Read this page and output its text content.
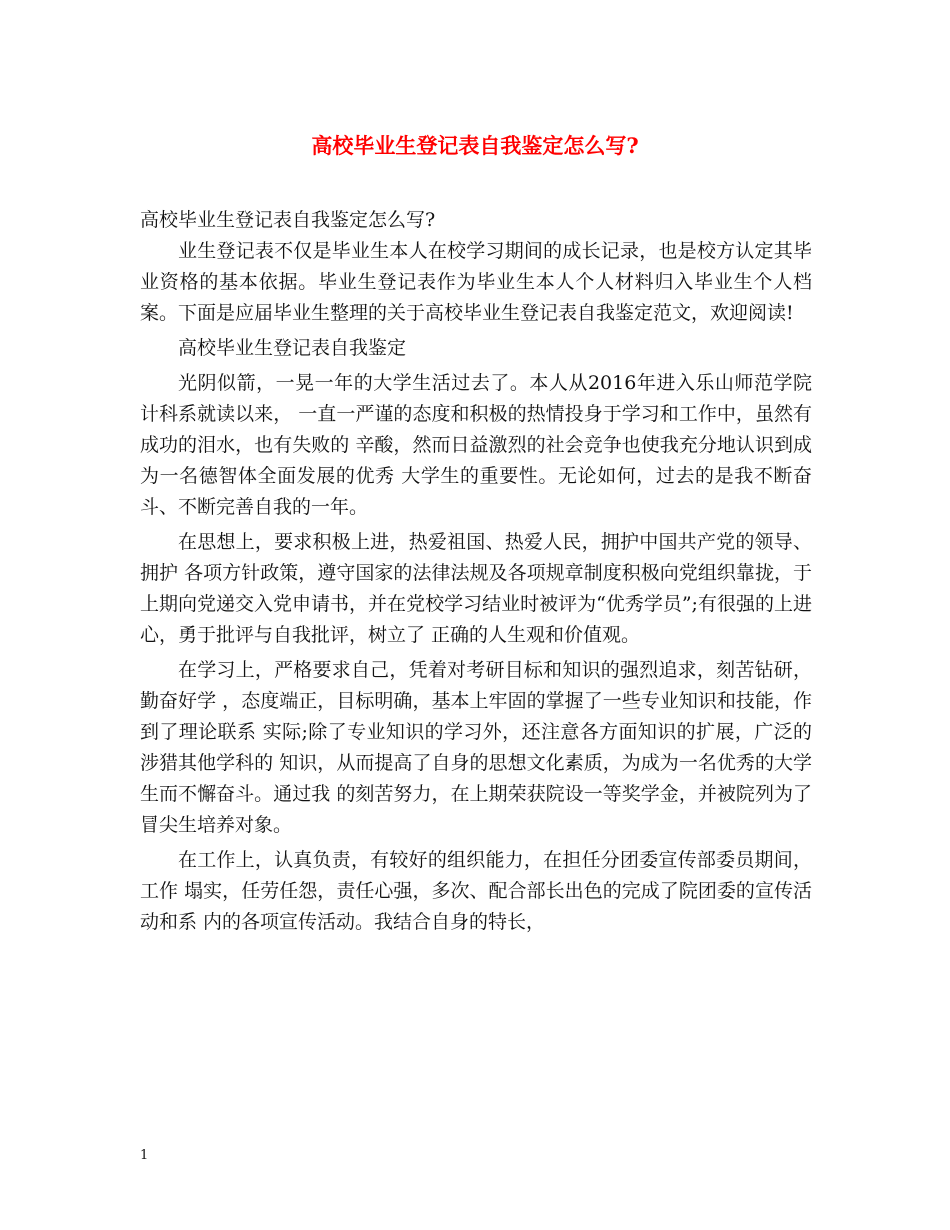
高校毕业生登记表自我鉴定怎么写?

高校毕业生登记表自我鉴定怎么写?

业生登记表不仅是毕业生本人在校学习期间的成长记录，也是校方认定其毕业资格的基本依据。毕业生登记表作为毕业生本人个人材料归入毕业生个人档案。下面是应届毕业生整理的关于高校毕业生登记表自我鉴定范文，欢迎阅读!

高校毕业生登记表自我鉴定

光阴似箭，一晃一年的大学生活过去了。本人从2016年进入乐山师范学院计科系就读以来， 一直一严谨的态度和积极的热情投身于学习和工作中，虽然有成功的泪水，也有失败的 辛酸，然而日益激烈的社会竞争也使我充分地认识到成为一名德智体全面发展的优秀 大学生的重要性。无论如何，过去的是我不断奋斗、不断完善自我的一年。

在思想上，要求积极上进，热爱祖国、热爱人民，拥护中国共产党的领导、拥护 各项方针政策，遵守国家的法律法规及各项规章制度积极向党组织靠拢，于上期向党递交入党申请书，并在党校学习结业时被评为“优秀学员”;有很强的上进心，勇于批评与自我批评，树立了 正确的人生观和价值观。

在学习上，严格要求自己，凭着对考研目标和知识的强烈追求，刻苦钻研，勤奋好学 ，态度端正，目标明确，基本上牢固的掌握了一些专业知识和技能，作到了理论联系 实际;除了专业知识的学习外，还注意各方面知识的扩展，广泛的涉猎其他学科的 知识，从而提高了自身的思想文化素质，为成为一名优秀的大学生而不懈奋斗。通过我 的刻苦努力，在上期荣获院设一等奖学金，并被院列为了冒尖生培养对象。

在工作上，认真负责，有较好的组织能力，在担任分团委宣传部委员期间，工作 塌实，任劳任怨，责任心强，多次、配合部长出色的完成了院团委的宣传活动和系 内的各项宣传活动。我结合自身的特长，

1
